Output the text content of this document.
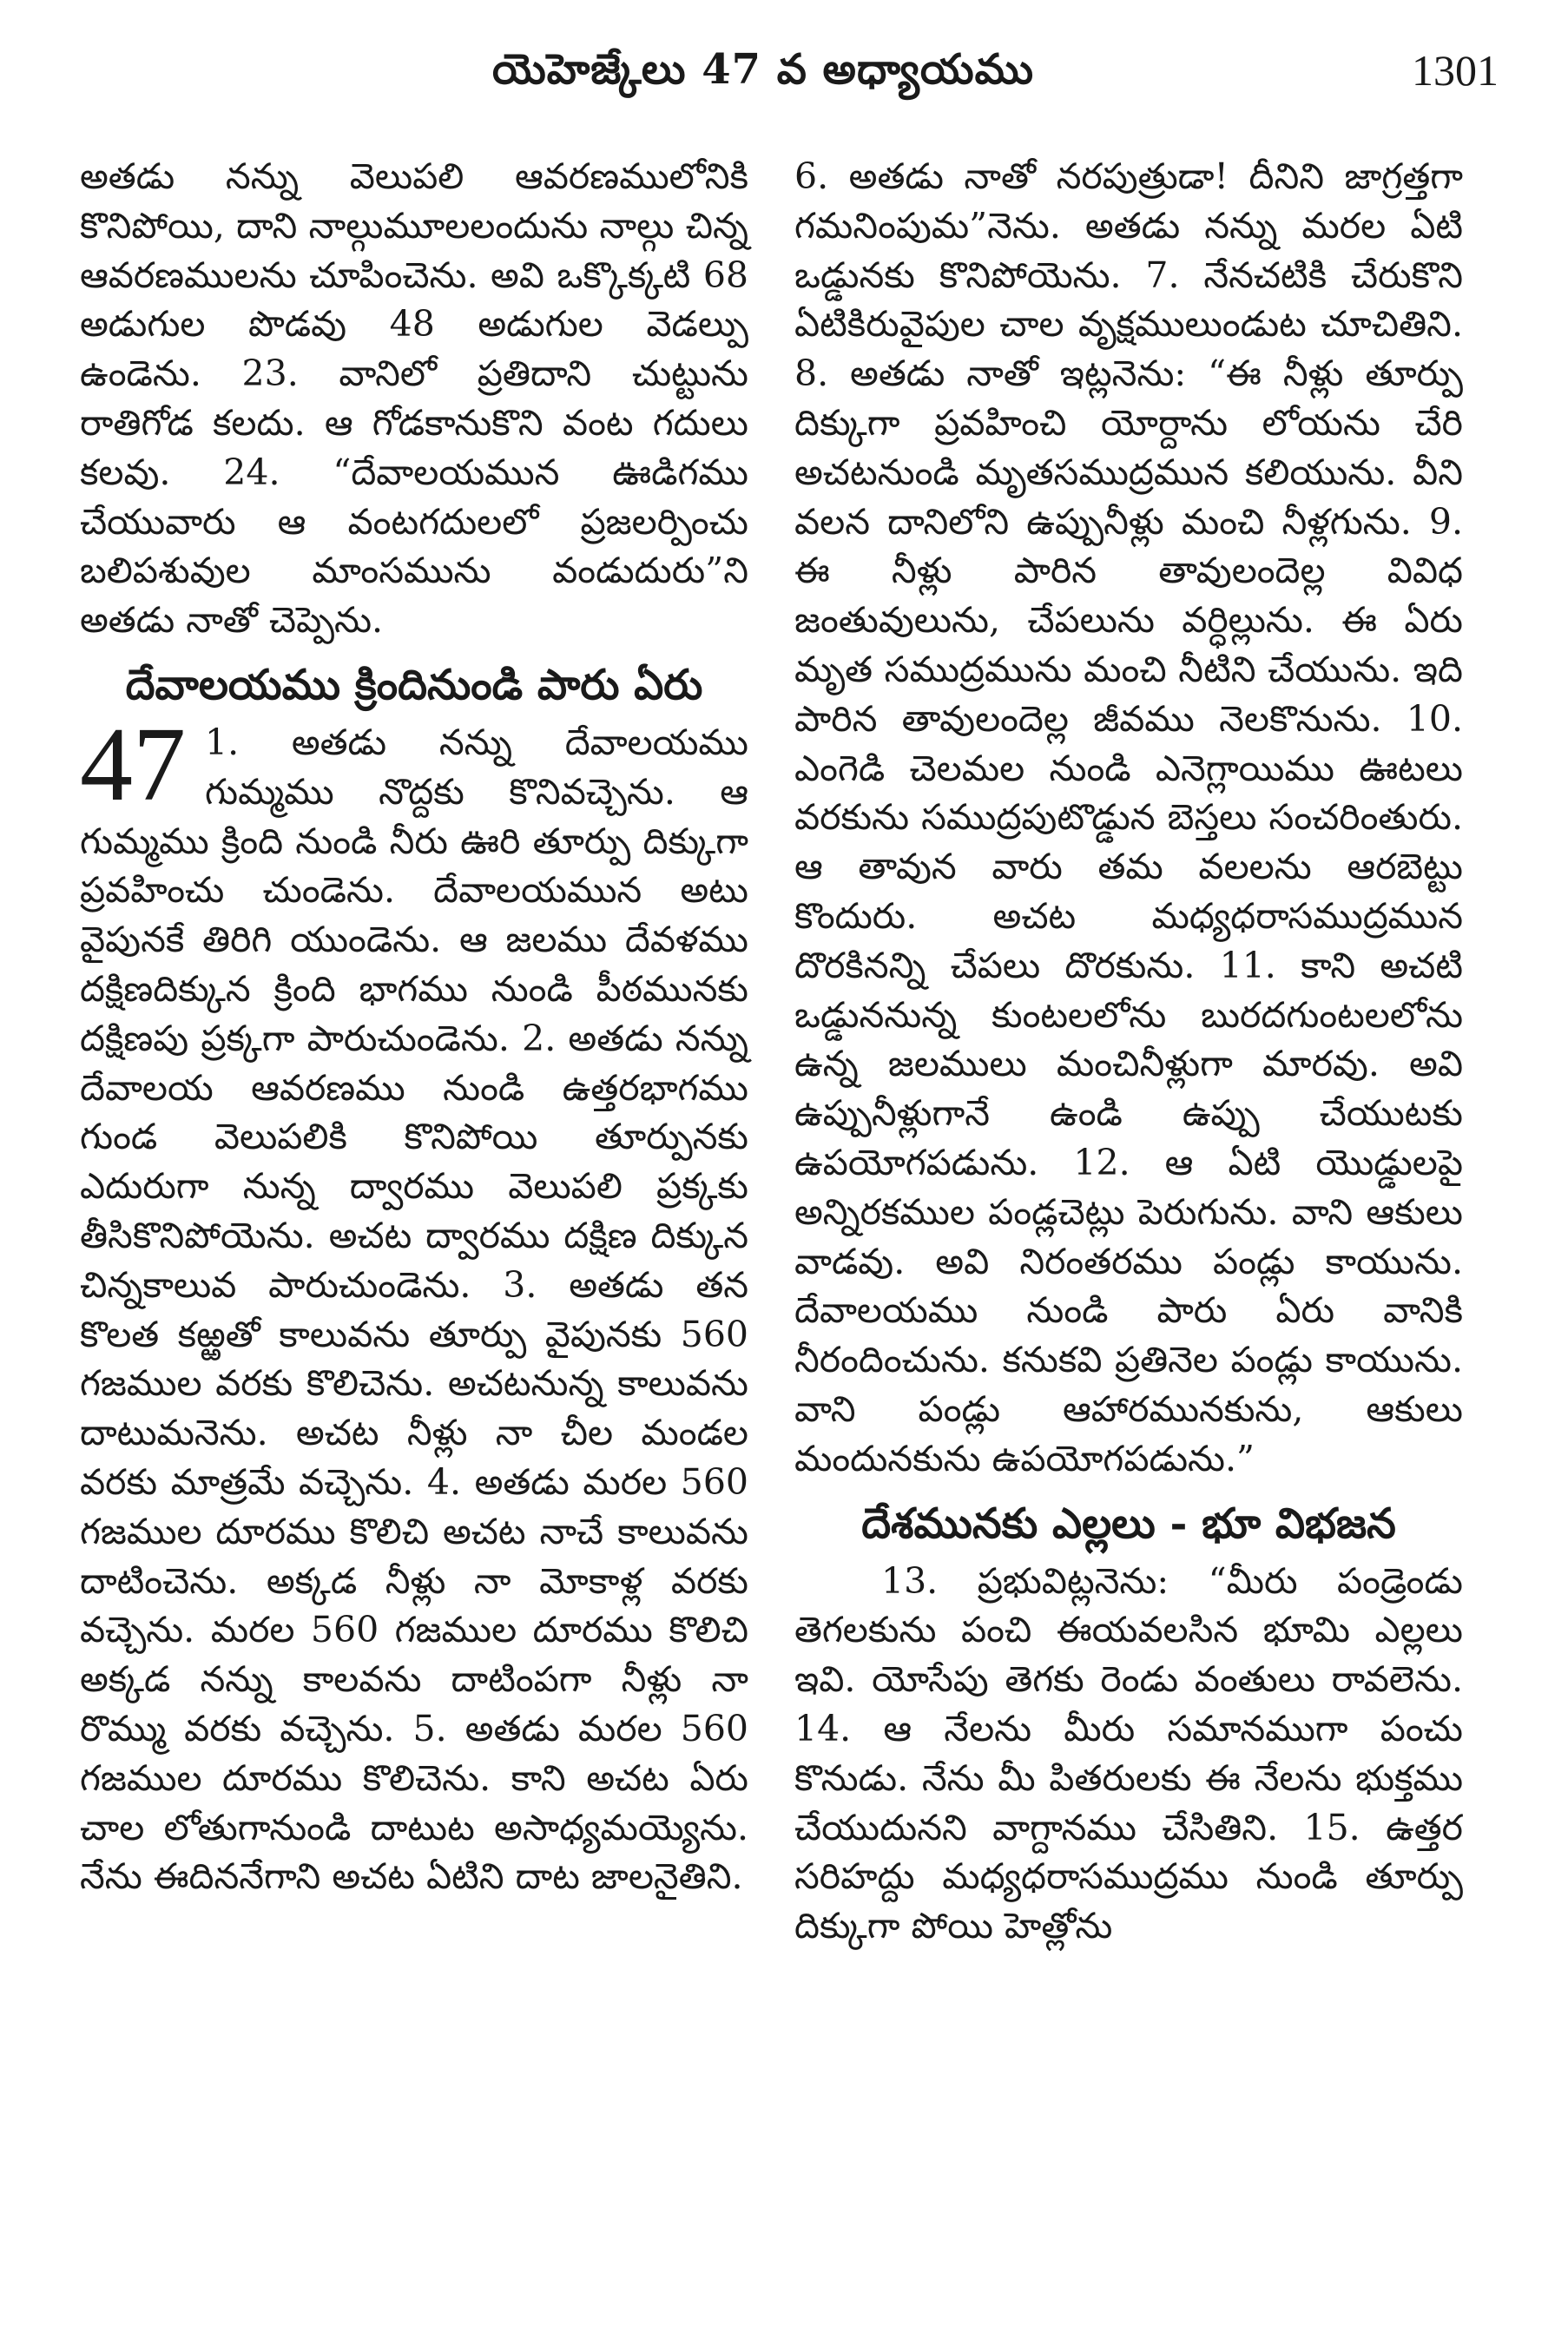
యెహెజ్కేలు 47 వ అధ్యాయము	1301

అతడు నన్ను వెలుపలి ఆవరణములోనికి కొనిపోయి, దాని నాల్గుమూలలందును నాల్గు చిన్న ఆవరణములను చూపించెను. అవి ఒక్కొక్కటి 68 అడుగుల పొడవు 48 అడుగుల వెడల్పు ఉండెను. 23. వానిలో ప్రతిదాని చుట్టును రాతిగోడ కలదు. ఆ గోడకానుకొని వంట గదులు కలవు. 24. “దేవాలయమున ఊడిగము చేయువారు ఆ వంటగదులలో ప్రజలర్పించు బలిపశువుల మాంసమును వండుదురు”ని అతడు నాతో చెప్పెను.

దేవాలయము క్రిందినుండి పారు ఏరు

47 1. అతడు నన్ను దేవాలయము గుమ్మము నొద్దకు కొనివచ్చెను. ఆ గుమ్మము క్రింది నుండి నీరు ఊరి తూర్పు దిక్కుగా ప్రవహించు చుండెను. దేవాలయమున అటు వైపునకే తిరిగి యుండెను. ఆ జలము దేవళము దక్షిణదిక్కున క్రింది భాగము నుండి పీఠమునకు దక్షిణపు ప్రక్కగా పారుచుండెను. 2. అతడు నన్ను దేవాలయ ఆవరణము నుండి ఉత్తరభాగము గుండ వెలుపలికి కొనిపోయి తూర్పునకు ఎదురుగా నున్న ద్వారము వెలుపలి ప్రక్కకు తీసికొనిపోయెను. అచట ద్వారము దక్షిణ దిక్కున చిన్నకాలువ పారుచుండెను. 3. అతడు తన కొలత కఱ్ఱతో కాలువను తూర్పు వైపునకు 560 గజముల వరకు కొలిచెను. అచటనున్న కాలువను దాటుమనెను. అచట నీళ్లు నా చీల మండల వరకు మాత్రమే వచ్చెను. 4. అతడు మరల 560 గజముల దూరము కొలిచి అచట నాచే కాలువను దాటించెను. అక్కడ నీళ్లు నా మోకాళ్ల వరకు వచ్చెను. మరల 560 గజముల దూరము కొలిచి అక్కడ నన్ను కాలవను దాటింపగా నీళ్లు నా రొమ్ము వరకు వచ్చెను. 5. అతడు మరల 560 గజముల దూరము కొలిచెను. కాని అచట ఏరు చాల లోతుగానుండి దాటుట అసాధ్యమయ్యెను. నేను ఈదిననేగాని అచట ఏటిని దాట జాలనైతిని.

6. అతడు నాతో నరపుత్రుడా! దీనిని జాగ్రత్తగా గమనింపుమ”నెను. అతడు నన్ను మరల ఏటి ఒడ్డునకు కొనిపోయెను. 7. నేనచటికి చేరుకొని ఏటికిరువైపుల చాల వృక్షములుండుట చూచితిని. 8. అతడు నాతో ఇట్లనెను: “ఈ నీళ్లు తూర్పు దిక్కుగా ప్రవహించి యోర్దాను లోయను చేరి అచటనుండి మృతసముద్రమున కలియును. వీని వలన దానిలోని ఉప్పునీళ్లు మంచి నీళ్లగును. 9. ఈ నీళ్లు పారిన తావులందెల్ల వివిధ జంతువులును, చేపలును వర్ధిల్లును. ఈ ఏరు మృత సముద్రమును మంచి నీటిని చేయును. ఇది పారిన తావులందెల్ల జీవము నెలకొనును. 10. ఎంగెడి చెలమల నుండి ఎనెగ్లాయిము ఊటలు వరకును సముద్రపుటొడ్డున బెస్తలు సంచరింతురు. ఆ తావున వారు తమ వలలను ఆరబెట్టు కొందురు. అచట మధ్యధరాసముద్రమున దొరకినన్ని చేపలు దొరకును. 11. కాని అచటి ఒడ్డుననున్న కుంటలలోను బురదగుంటలలోను ఉన్న జలములు మంచినీళ్లుగా మారవు. అవి ఉప్పునీళ్లుగానే ఉండి ఉప్పు చేయుటకు ఉపయోగపడును. 12. ఆ ఏటి యొడ్డులపై అన్నిరకముల పండ్లచెట్లు పెరుగును. వాని ఆకులు వాడవు. అవి నిరంతరము పండ్లు కాయును. దేవాలయము నుండి పారు ఏరు వానికి నీరందించును. కనుకవి ప్రతినెల పండ్లు కాయును. వాని పండ్లు ఆహారమునకును, ఆకులు మందునకును ఉపయోగపడును.”

దేశమునకు ఎల్లలు - భూ విభజన

13. ప్రభువిట్లనెను: “మీరు పండ్రెండు తెగలకును పంచి ఈయవలసిన భూమి ఎల్లలు ఇవి. యోసేపు తెగకు రెండు వంతులు రావలెను. 14. ఆ నేలను మీరు సమానముగా పంచు కొనుడు. నేను మీ పితరులకు ఈ నేలను భుక్తము చేయుదునని వాగ్దానము చేసితిని. 15. ఉత్తర సరిహద్దు మధ్యధరాసముద్రము నుండి తూర్పు దిక్కుగా పోయి హెత్లోను
